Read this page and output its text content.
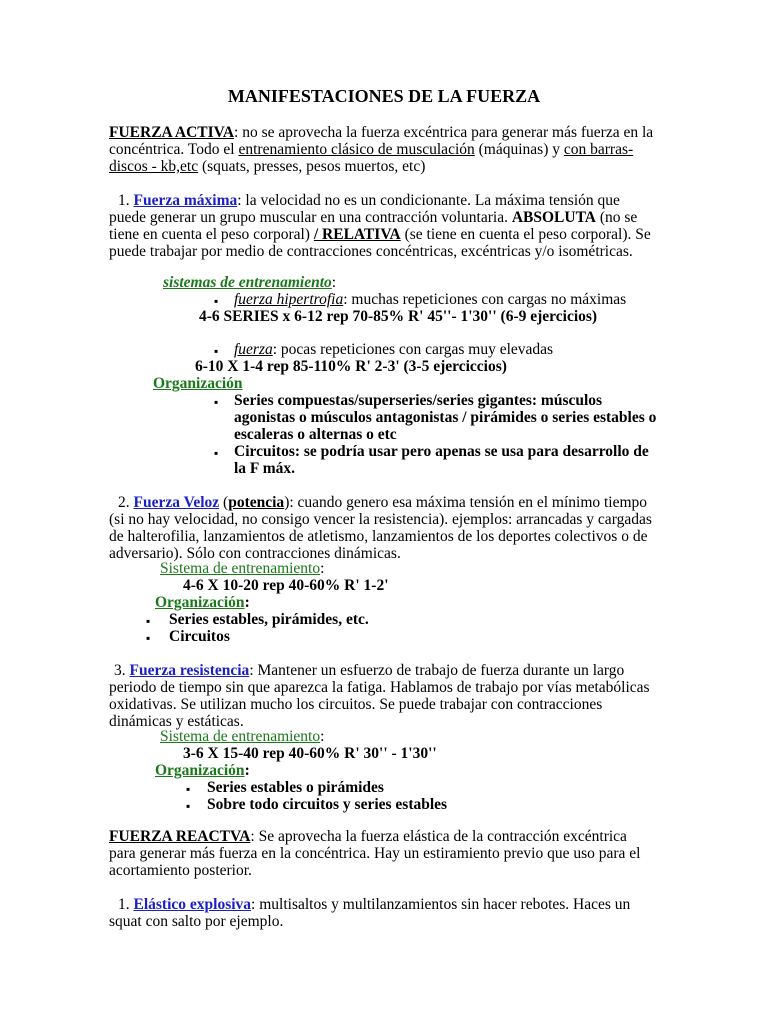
MANIFESTACIONES DE LA FUERZA
FUERZA ACTIVA: no se aprovecha la fuerza excéntrica para generar más fuerza en la
concéntrica. Todo el entrenamiento clásico de musculación (máquinas) y con barras-
discos - kb,etc (squats, presses, pesos muertos, etc)
1. Fuerza máxima: la velocidad no es un condicionante. La máxima tensión que
puede generar un grupo muscular en una contracción voluntaria. ABSOLUTA (no se
tiene en cuenta el peso corporal) / RELATIVA (se tiene en cuenta el peso corporal). Se
puede trabajar por medio de contracciones concéntricas, excéntricas y/o isométricas.
sistemas de entrenamiento:
▪ fuerza hipertrofia: muchas repeticiones con cargas no máximas
4-6 SERIES x 6-12 rep 70-85% R' 45''- 1'30'' (6-9 ejercicios)
▪ fuerza: pocas repeticiones con cargas muy elevadas
6-10 X 1-4 rep 85-110% R' 2-3' (3-5 ejerciccios)
Organización
▪ Series compuestas/superseries/series gigantes: músculos
agonistas o músculos antagonistas / pirámides o series estables o
escaleras o alternas o etc
▪ Circuitos: se podría usar pero apenas se usa para desarrollo de
la F máx.
2. Fuerza Veloz (potencia): cuando genero esa máxima tensión en el mínimo tiempo
(si no hay velocidad, no consigo vencer la resistencia). ejemplos: arrancadas y cargadas
de halterofilia, lanzamientos de atletismo, lanzamientos de los deportes colectivos o de
adversario). Sólo con contracciones dinámicas.
Sistema de entrenamiento:
4-6 X 10-20 rep 40-60% R' 1-2'
Organización:
▪ Series estables, pirámides, etc.
▪ Circuitos
3. Fuerza resistencia: Mantener un esfuerzo de trabajo de fuerza durante un largo
periodo de tiempo sin que aparezca la fatiga. Hablamos de trabajo por vías metabólicas
oxidativas. Se utilizan mucho los circuitos. Se puede trabajar con contracciones
dinámicas y estáticas.
Sistema de entrenamiento:
3-6 X 15-40 rep 40-60% R' 30'' - 1'30''
Organización:
▪ Series estables o pirámides
▪ Sobre todo circuitos y series estables
FUERZA REACTVA: Se aprovecha la fuerza elástica de la contracción excéntrica
para generar más fuerza en la concéntrica. Hay un estiramiento previo que uso para el
acortamiento posterior.
1. Elástico explosiva: multisaltos y multilanzamientos sin hacer rebotes. Haces un
squat con salto por ejemplo.
